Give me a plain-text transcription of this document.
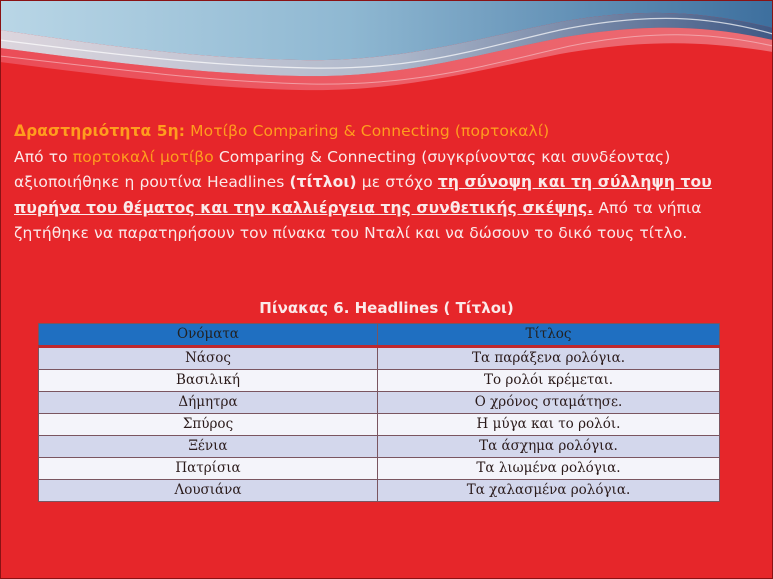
Δραστηριότητα 5η: Μοτίβο Comparing & Connecting (πορτοκαλί)
Από το πορτοκαλί μοτίβο Comparing & Connecting (συγκρίνοντας και συνδέοντας) αξιοποιήθηκε η ρουτίνα Headlines (τίτλοι) με στόχο τη σύνοψη και τη σύλληψη του πυρήνα του θέματος και την καλλιέργεια της συνθετικής σκέψης. Από τα νήπια ζητήθηκε να παρατηρήσουν τον πίνακα του Νταλί και να δώσουν το δικό τους τίτλο.
Πίνακας 6. Headlines ( Τίτλοι)
Ονόματα	Τίτλος
Νάσος	Τα παράξενα ρολόγια.
Βασιλική	Το ρολόι κρέμεται.
Δήμητρα	Ο χρόνος σταμάτησε.
Σπύρος	Η μύγα και το ρολόι.
Ξένια	Τα άσχημα ρολόγια.
Πατρίσια	Τα λιωμένα ρολόγια.
Λουσιάνα	Τα χαλασμένα ρολόγια.
